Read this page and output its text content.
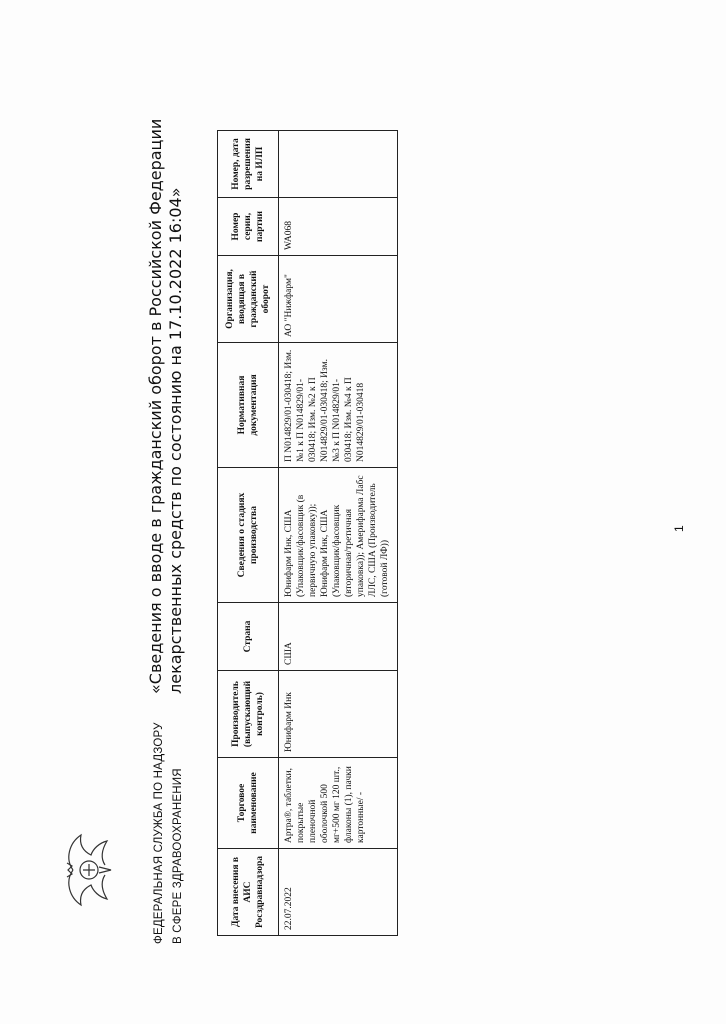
ФЕДЕРАЛЬНАЯ СЛУЖБА ПО НАДЗОРУ В СФЕРЕ ЗДРАВООХРАНЕНИЯ
«Сведения о вводе в гражданский оборот в Российской Федерации лекарственных средств по состоянию на 17.10.2022 16:04»
Дата внесения в АИС Росздравнадзора	Торговое наименование	Производитель (выпускающий контроль)	Страна	Сведения о стадиях производства	Нормативная документация	Организация, вводящая в гражданский оборот	Номер серии, партии	Номер, дата разрешения на ИЛП
22.07.2022	Артра®, таблетки, покрытые пленочной оболочкой 500 мг+500 мг 120 шт., флаконы (1), пачки картонные/ -	Юнифарм Инк	США	Юнифарм Инк, США (Упаковщик/фасовщик (в первичную упаковку)); Юнифарм Инк, США (Упаковщик/фасовщик (вторичная/третичная упаковка)); Америфарма Лабс ЛЛС, США (Производитель (готовой ЛФ))	П N014829/01-030418; Изм. №1 к П N014829/01-030418; Изм. №2 к П N014829/01-030418; Изм. №3 к П N014829/01-030418; Изм. №4 к П N014829/01-030418	АО "Нижфарм"	WA068	
1
